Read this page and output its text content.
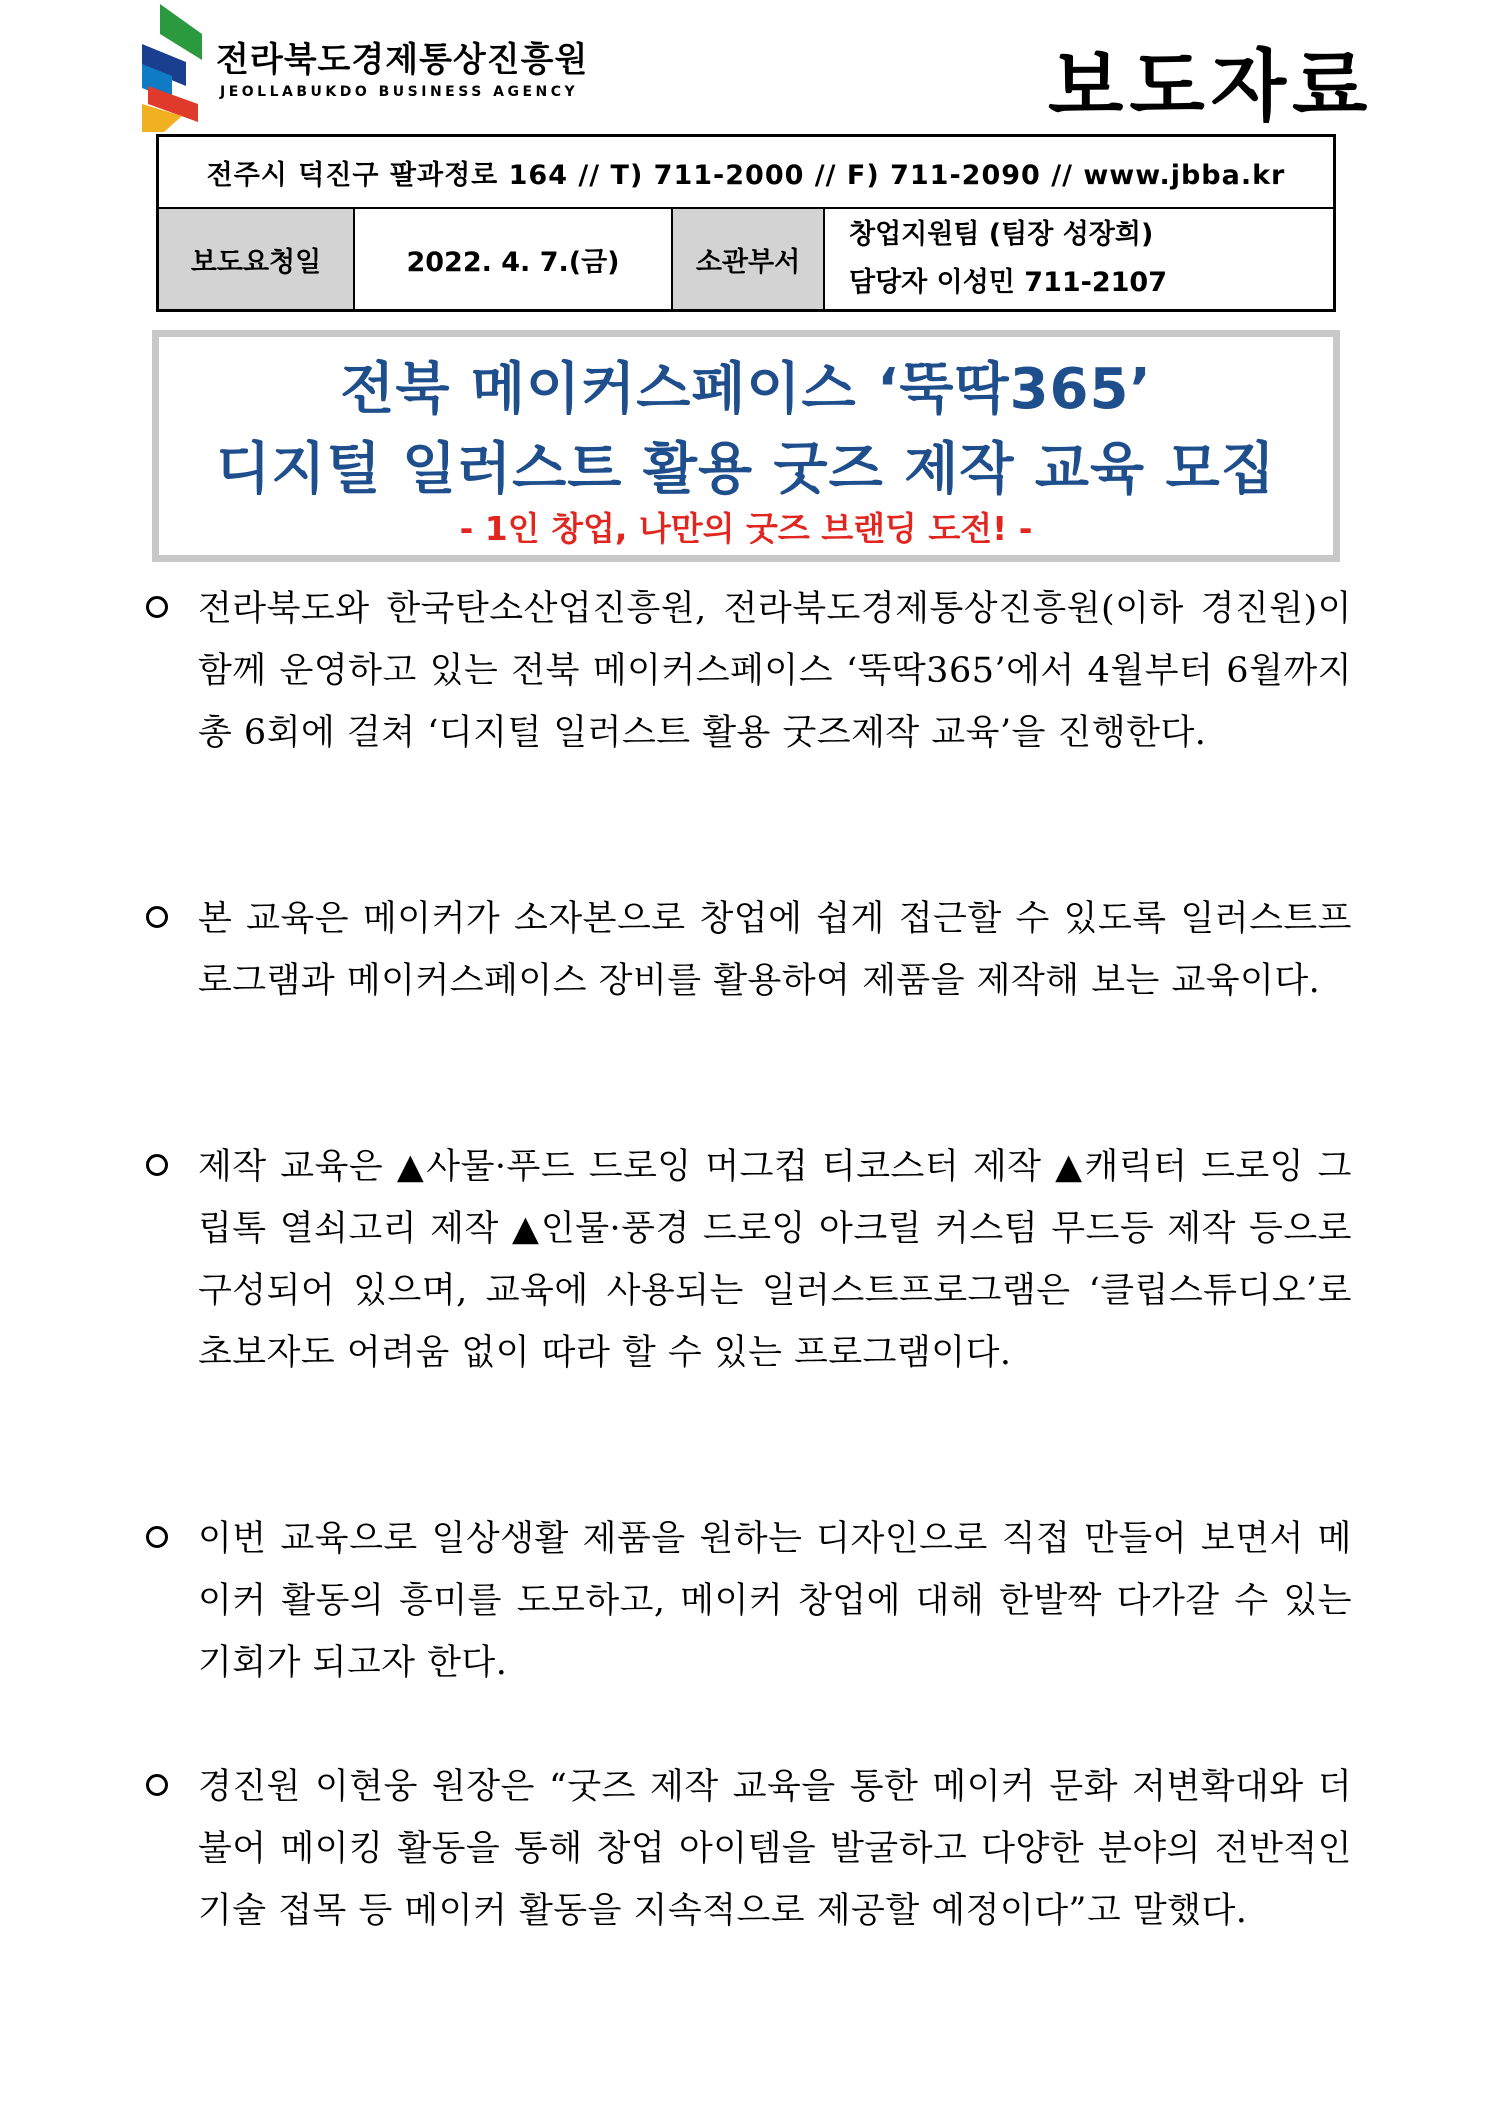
전라북도경제통상진흥원
JEOLLABUKDO BUSINESS AGENCY	보도자료
전주시 덕진구 팔과정로 164 // T) 711-2000 // F) 711-2090 // www.jbba.kr
보도요청일	2022. 4. 7.(금)	소관부서
창업지원팀 (팀장 성장희)
담당자 이성민 711-2107
전북 메이커스페이스 ‘뚝딱365’
디지털 일러스트 활용 굿즈 제작 교육 모집
- 1인 창업, 나만의 굿즈 브랜딩 도전! -
전라북도와 한국탄소산업진흥원, 전라북도경제통상진흥원(이하 경진원)이 함께 운영하고 있는 전북 메이커스페이스 ‘뚝딱365’에서 4월부터 6월까지 총 6회에 걸쳐 ‘디지털 일러스트 활용 굿즈제작 교육’을 진행한다.
본 교육은 메이커가 소자본으로 창업에 쉽게 접근할 수 있도록 일러스트프로그램과 메이커스페이스 장비를 활용하여 제품을 제작해 보는 교육이다.
제작 교육은 ▲사물·푸드 드로잉 머그컵 티코스터 제작 ▲캐릭터 드로잉 그립톡 열쇠고리 제작 ▲인물·풍경 드로잉 아크릴 커스텀 무드등 제작 등으로 구성되어 있으며, 교육에 사용되는 일러스트프로그램은 ‘클립스튜디오’로 초보자도 어려움 없이 따라 할 수 있는 프로그램이다.
이번 교육으로 일상생활 제품을 원하는 디자인으로 직접 만들어 보면서 메이커 활동의 흥미를 도모하고, 메이커 창업에 대해 한발짝 다가갈 수 있는 기회가 되고자 한다.
경진원 이현웅 원장은 “굿즈 제작 교육을 통한 메이커 문화 저변확대와 더불어 메이킹 활동을 통해 창업 아이템을 발굴하고 다양한 분야의 전반적인 기술 접목 등 메이커 활동을 지속적으로 제공할 예정이다”고 말했다.
